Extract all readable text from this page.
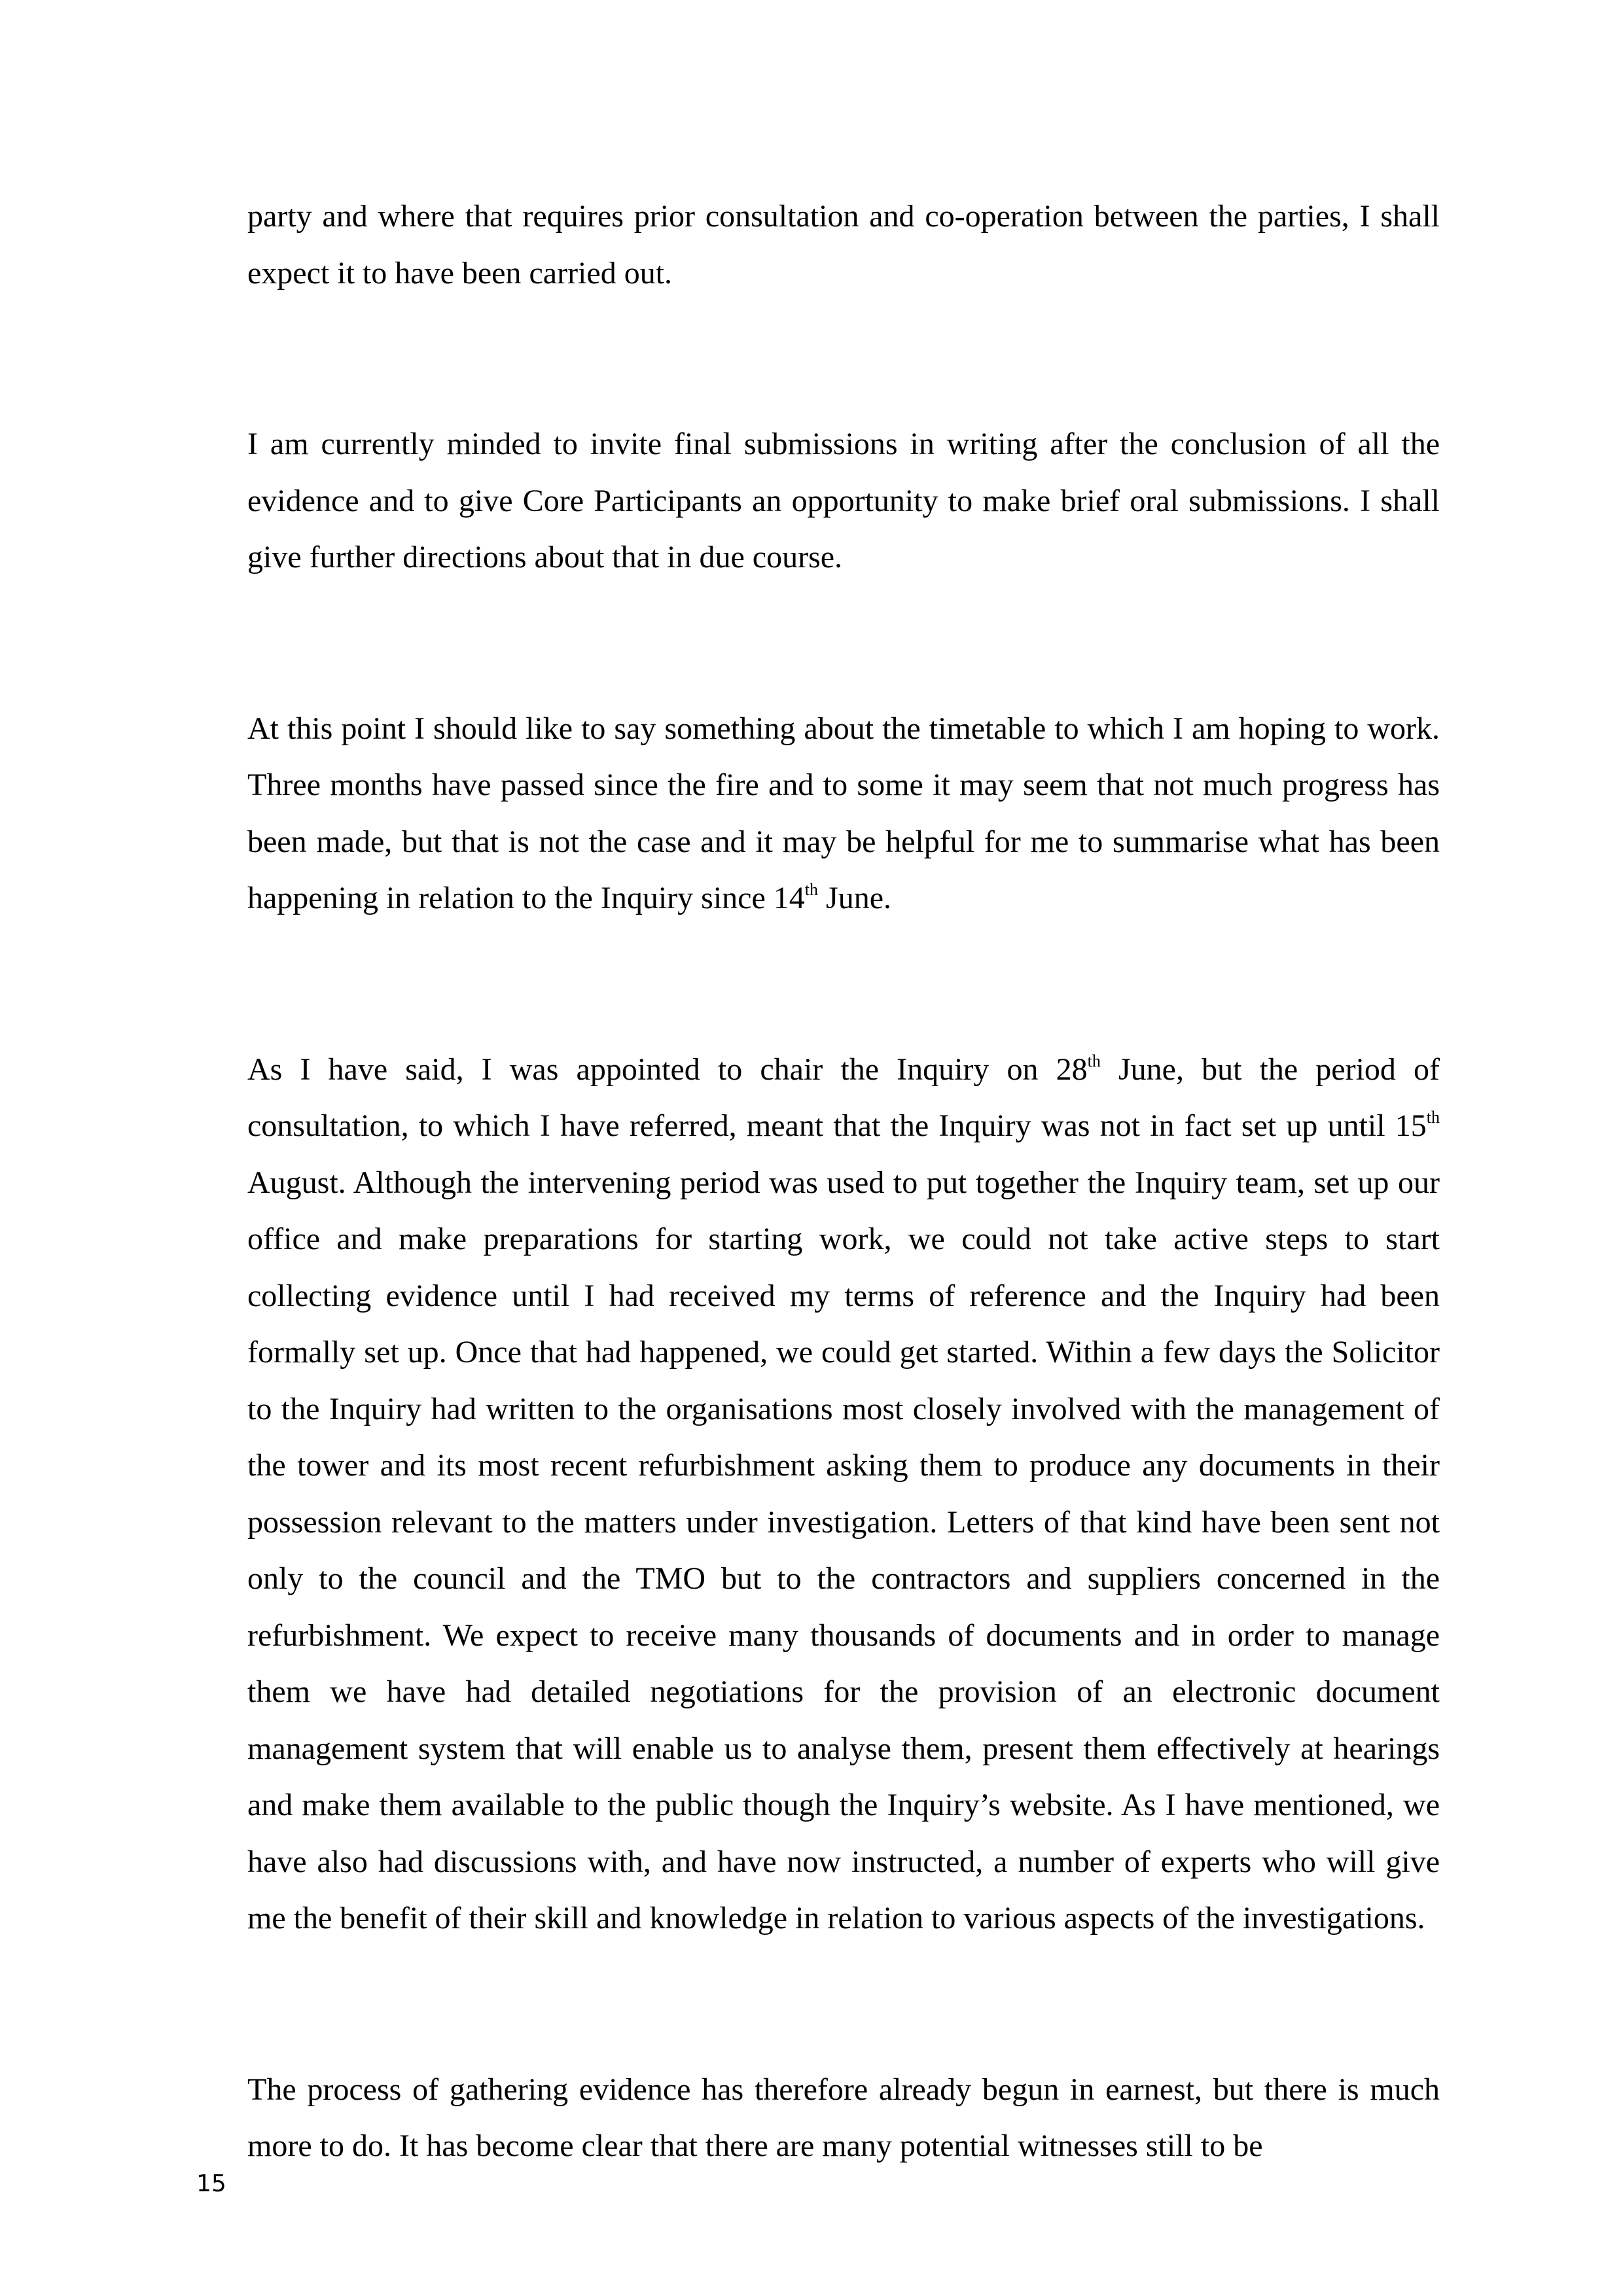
party and where that requires prior consultation and co-operation between the parties, I shall expect it to have been carried out.

I am currently minded to invite final submissions in writing after the conclusion of all the evidence and to give Core Participants an opportunity to make brief oral submissions. I shall give further directions about that in due course.

At this point I should like to say something about the timetable to which I am hoping to work. Three months have passed since the fire and to some it may seem that not much progress has been made, but that is not the case and it may be helpful for me to summarise what has been happening in relation to the Inquiry since 14th June.

As I have said, I was appointed to chair the Inquiry on 28th June, but the period of consultation, to which I have referred, meant that the Inquiry was not in fact set up until 15th August. Although the intervening period was used to put together the Inquiry team, set up our office and make preparations for starting work, we could not take active steps to start collecting evidence until I had received my terms of reference and the Inquiry had been formally set up. Once that had happened, we could get started. Within a few days the Solicitor to the Inquiry had written to the organisations most closely involved with the management of the tower and its most recent refurbishment asking them to produce any documents in their possession relevant to the matters under investigation. Letters of that kind have been sent not only to the council and the TMO but to the contractors and suppliers concerned in the refurbishment. We expect to receive many thousands of documents and in order to manage them we have had detailed negotiations for the provision of an electronic document management system that will enable us to analyse them, present them effectively at hearings and make them available to the public though the Inquiry’s website. As I have mentioned, we have also had discussions with, and have now instructed, a number of experts who will give me the benefit of their skill and knowledge in relation to various aspects of the investigations.

The process of gathering evidence has therefore already begun in earnest, but there is much more to do. It has become clear that there are many potential witnesses still to be

15
